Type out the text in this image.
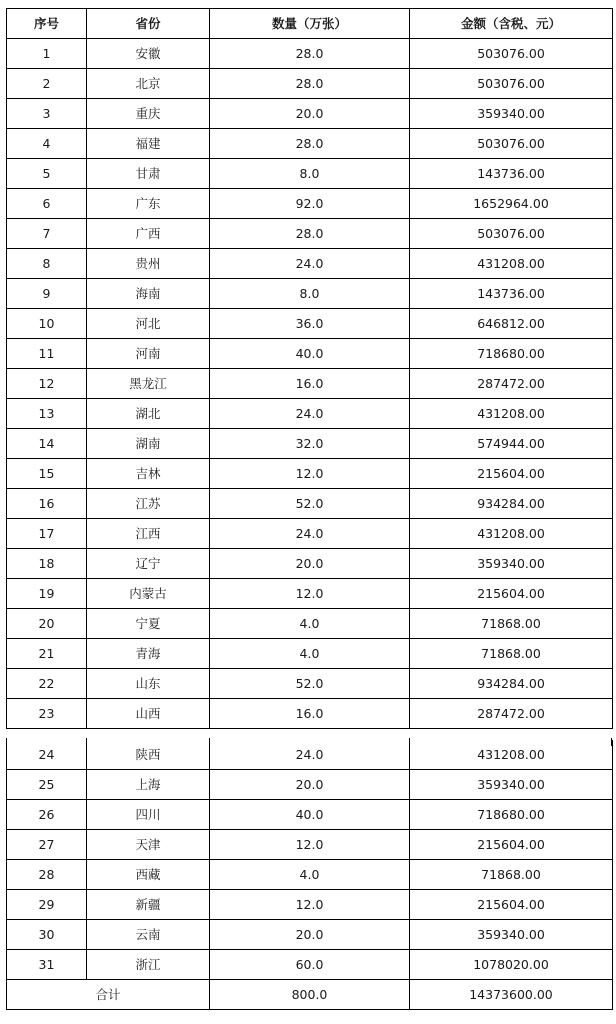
序号	省份	数量（万张）	金额（含税、元）
1	安徽	28.0	503076.00
2	北京	28.0	503076.00
3	重庆	20.0	359340.00
4	福建	28.0	503076.00
5	甘肃	8.0	143736.00
6	广东	92.0	1652964.00
7	广西	28.0	503076.00
8	贵州	24.0	431208.00
9	海南	8.0	143736.00
10	河北	36.0	646812.00
11	河南	40.0	718680.00
12	黑龙江	16.0	287472.00
13	湖北	24.0	431208.00
14	湖南	32.0	574944.00
15	吉林	12.0	215604.00
16	江苏	52.0	934284.00
17	江西	24.0	431208.00
18	辽宁	20.0	359340.00
19	内蒙古	12.0	215604.00
20	宁夏	4.0	71868.00
21	青海	4.0	71868.00
22	山东	52.0	934284.00
23	山西	16.0	287472.00
24	陕西	24.0	431208.00
25	上海	20.0	359340.00
26	四川	40.0	718680.00
27	天津	12.0	215604.00
28	西藏	4.0	71868.00
29	新疆	12.0	215604.00
30	云南	20.0	359340.00
31	浙江	60.0	1078020.00
合计		800.0	14373600.00
